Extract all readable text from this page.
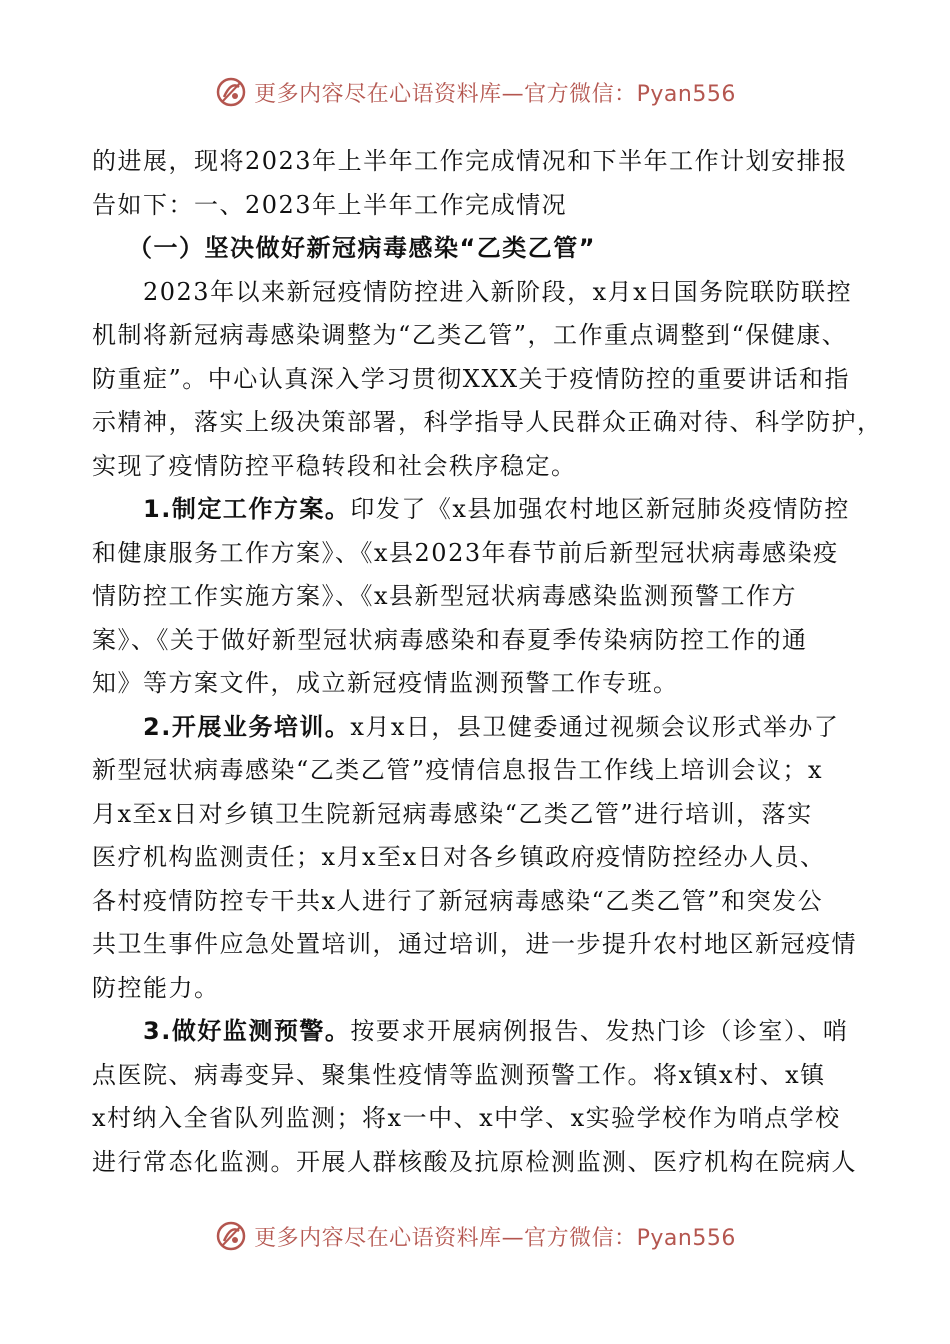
更多内容尽在心语资料库—官方微信：Pyan556
的进展，现将2023年上半年工作完成情况和下半年工作计划安排报
告如下：一、2023年上半年工作完成情况
（一）坚决做好新冠病毒感染“乙类乙管”
　　2023年以来新冠疫情防控进入新阶段，x月x日国务院联防联控
机制将新冠病毒感染调整为“乙类乙管”，工作重点调整到“保健康、
防重症”。中心认真深入学习贯彻XXX关于疫情防控的重要讲话和指
示精神，落实上级决策部署，科学指导人民群众正确对待、科学防护，
实现了疫情防控平稳转段和社会秩序稳定。
　　1.制定工作方案。印发了《x县加强农村地区新冠肺炎疫情防控
和健康服务工作方案》、《x县2023年春节前后新型冠状病毒感染疫
情防控工作实施方案》、《x县新型冠状病毒感染监测预警工作方
案》、《关于做好新型冠状病毒感染和春夏季传染病防控工作的通
知》等方案文件，成立新冠疫情监测预警工作专班。
　　2.开展业务培训。x月x日，县卫健委通过视频会议形式举办了
新型冠状病毒感染“乙类乙管”疫情信息报告工作线上培训会议；x
月x至x日对乡镇卫生院新冠病毒感染“乙类乙管”进行培训，落实
医疗机构监测责任；x月x至x日对各乡镇政府疫情防控经办人员、
各村疫情防控专干共x人进行了新冠病毒感染“乙类乙管”和突发公
共卫生事件应急处置培训，通过培训，进一步提升农村地区新冠疫情
防控能力。
　　3.做好监测预警。按要求开展病例报告、发热门诊（诊室）、哨
点医院、病毒变异、聚集性疫情等监测预警工作。将x镇x村、x镇
x村纳入全省队列监测；将x一中、x中学、x实验学校作为哨点学校
进行常态化监测。开展人群核酸及抗原检测监测、医疗机构在院病人
更多内容尽在心语资料库—官方微信：Pyan556
